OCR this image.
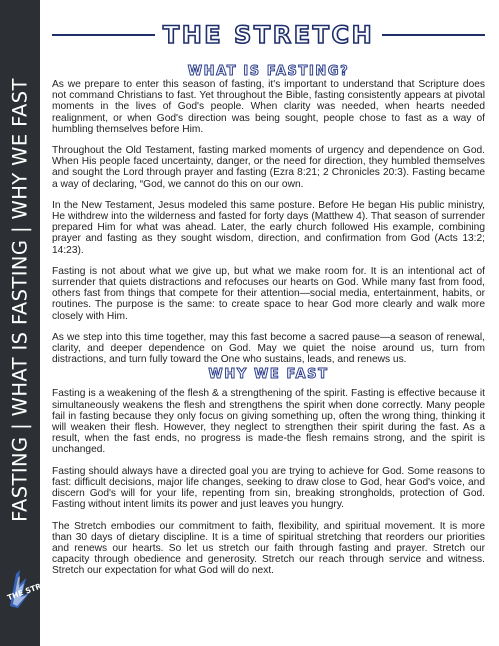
FASTING | WHAT IS FASTING | WHY WE FAST
THE STRETCH
THE STRETCH
WHAT IS FASTING?

As we prepare to enter this season of fasting, it's important to understand that Scripture does not command Christians to fast. Yet throughout the Bible, fasting consistently appears at pivotal moments in the lives of God's people. When clarity was needed, when hearts needed realignment, or when God's direction was being sought, people chose to fast as a way of humbling themselves before Him.

Throughout the Old Testament, fasting marked moments of urgency and dependence on God. When His people faced uncertainty, danger, or the need for direction, they humbled themselves and sought the Lord through prayer and fasting (Ezra 8:21; 2 Chronicles 20:3). Fasting became a way of declaring, “God, we cannot do this on our own.

In the New Testament, Jesus modeled this same posture. Before He began His public ministry, He withdrew into the wilderness and fasted for forty days (Matthew 4). That season of surrender prepared Him for what was ahead. Later, the early church followed His example, combining prayer and fasting as they sought wisdom, direction, and confirmation from God (Acts 13:2; 14:23).

Fasting is not about what we give up, but what we make room for. It is an intentional act of surrender that quiets distractions and refocuses our hearts on God. While many fast from food, others fast from things that compete for their attention—social media, entertainment, habits, or routines. The purpose is the same: to create space to hear God more clearly and walk more closely with Him.

As we step into this time together, may this fast become a sacred pause—a season of renewal, clarity, and deeper dependence on God. May we quiet the noise around us, turn from distractions, and turn fully toward the One who sustains, leads, and renews us.

WHY WE FAST

Fasting is a weakening of the flesh & a strengthening of the spirit. Fasting is effective because it simultaneously weakens the flesh and strengthens the spirit when done correctly. Many people fail in fasting because they only focus on giving something up, often the wrong thing, thinking it will weaken their flesh. However, they neglect to strengthen their spirit during the fast. As a result, when the fast ends, no progress is made-the flesh remains strong, and the spirit is unchanged.

Fasting should always have a directed goal you are trying to achieve for God. Some reasons to fast: difficult decisions, major life changes, seeking to draw close to God, hear God's voice, and discern God's will for your life, repenting from sin, breaking strongholds, protection of God. Fasting without intent limits its power and just leaves you hungry.

The Stretch embodies our commitment to faith, flexibility, and spiritual movement. It is more than 30 days of dietary discipline. It is a time of spiritual stretching that reorders our priorities and renews our hearts. So let us stretch our faith through fasting and prayer. Stretch our capacity through obedience and generosity. Stretch our reach through service and witness. Stretch our expectation for what God will do next.
